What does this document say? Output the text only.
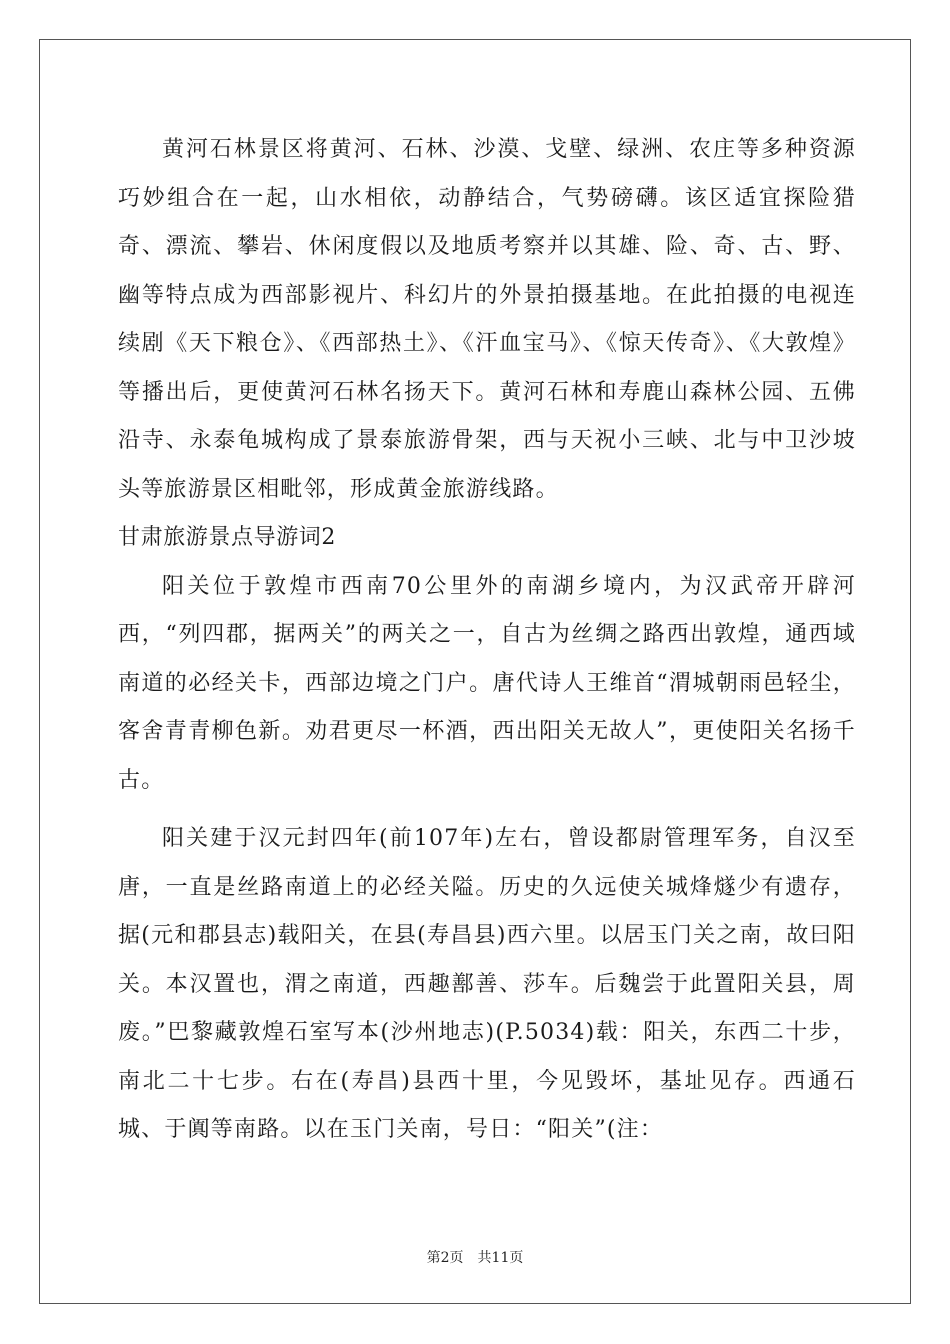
黄河石林景区将黄河、石林、沙漠、戈壁、绿洲、农庄等多种资源巧妙组合在一起，山水相依，动静结合，气势磅礴。该区适宜探险猎奇、漂流、攀岩、休闲度假以及地质考察并以其雄、险、奇、古、野、幽等特点成为西部影视片、科幻片的外景拍摄基地。在此拍摄的电视连续剧《天下粮仓》、《西部热土》、《汗血宝马》、《惊天传奇》、《大敦煌》等播出后，更使黄河石林名扬天下。黄河石林和寿鹿山森林公园、五佛沿寺、永泰龟城构成了景泰旅游骨架，西与天祝小三峡、北与中卫沙坡头等旅游景区相毗邻，形成黄金旅游线路。

甘肃旅游景点导游词2

阳关位于敦煌市西南70公里外的南湖乡境内，为汉武帝开辟河西，“列四郡，据两关”的两关之一，自古为丝绸之路西出敦煌，通西域南道的必经关卡，西部边境之门户。唐代诗人王维首“渭城朝雨邑轻尘，客舍青青柳色新。劝君更尽一杯酒，西出阳关无故人”，更使阳关名扬千古。

阳关建于汉元封四年(前107年)左右，曾设都尉管理军务，自汉至唐，一直是丝路南道上的必经关隘。历史的久远使关城烽燧少有遗存，据(元和郡县志)载阳关，在县(寿昌县)西六里。以居玉门关之南，故曰阳关。本汉置也，渭之南道，西趣鄯善、莎车。后魏尝于此置阳关县，周废。”巴黎藏敦煌石室写本(沙州地志)(P.5034)载：阳关，东西二十步，南北二十七步。右在(寿昌)县西十里，今见毁坏，基址见存。西通石城、于阗等南路。以在玉门关南，号日：“阳关”(注：

第2页 共11页
